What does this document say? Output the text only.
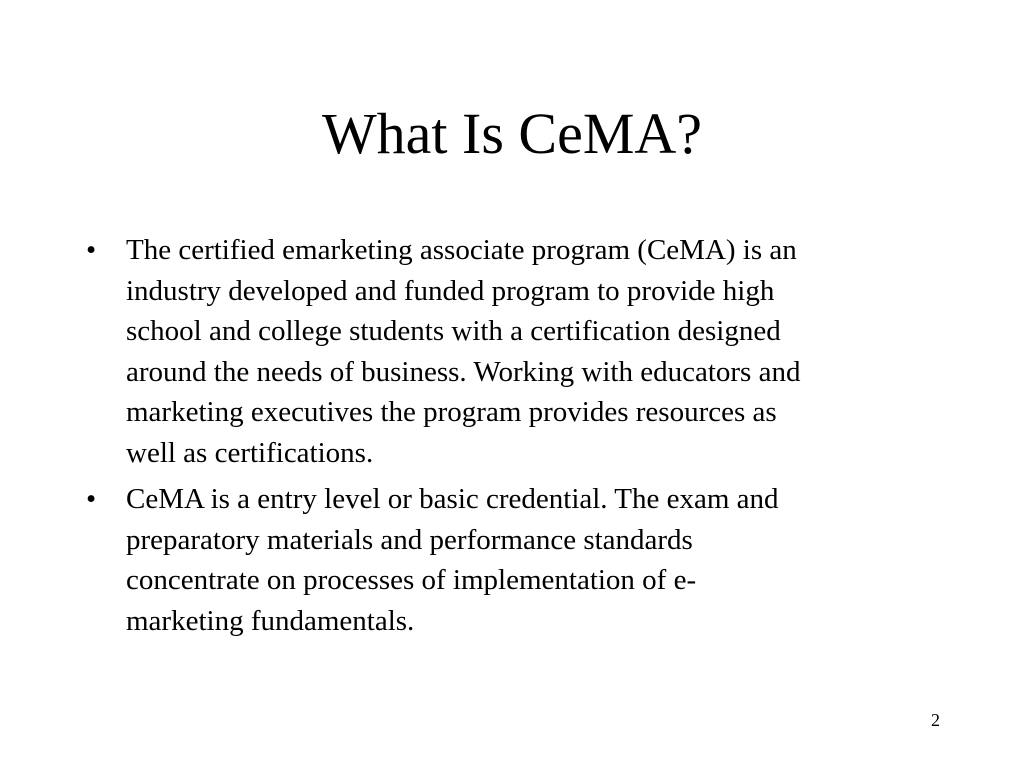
What Is CeMA?
• The certified emarketing associate program (CeMA) is an
industry developed and funded program to provide high
school and college students with a certification designed
around the needs of business. Working with educators and
marketing executives the program provides resources as
well as certifications.
• CeMA is a entry level or basic credential. The exam and
preparatory materials and performance standards
concentrate on processes of implementation of e-
marketing fundamentals.
2
